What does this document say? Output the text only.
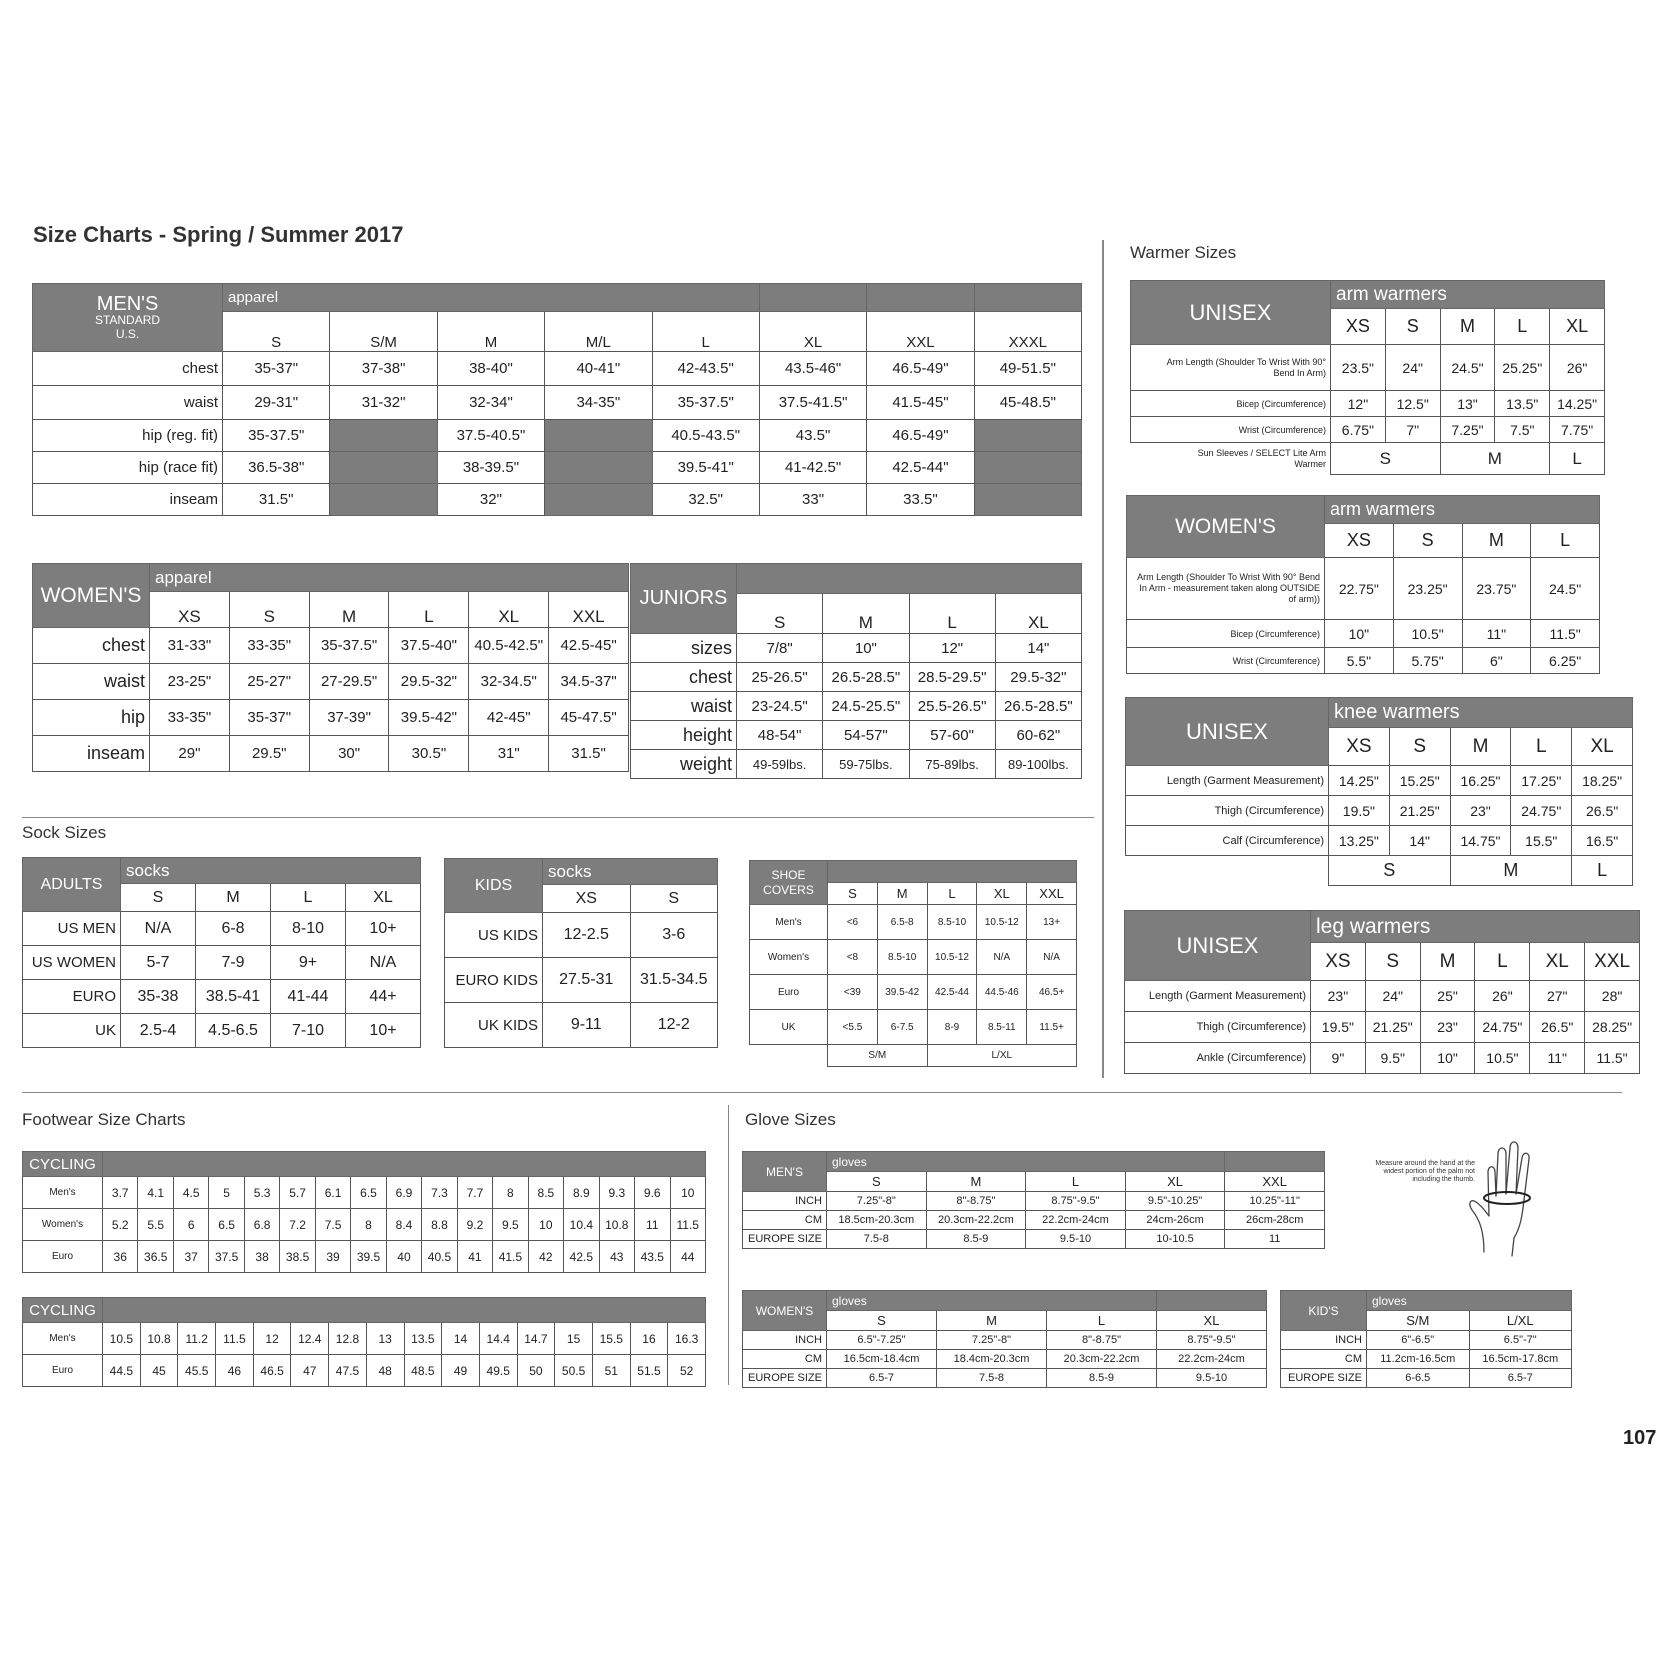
Size Charts - Spring / Summer 2017
Warmer Sizes
Sock Sizes
Footwear Size Charts	Glove Sizes
MEN'S
STANDARD U.S.	apparel							
	S	S/M	M	M/L	L	XL	XXL	XXXL
chest	35-37"	37-38"	38-40"	40-41"	42-43.5"	43.5-46"	46.5-49"	49-51.5"
waist	29-31"	31-32"	32-34"	34-35"	35-37.5"	37.5-41.5"	41.5-45"	45-48.5"
hip (reg. fit)	35-37.5"		37.5-40.5"		40.5-43.5"	43.5"	46.5-49"	
hip (race fit)	36.5-38"		38-39.5"		39.5-41"	41-42.5"	42.5-44"	
inseam	31.5"		32"		32.5"	33"	33.5"	
WOMEN'S	apparel					
	XS	S	M	L	XL	XXL
chest	31-33"	33-35"	35-37.5"	37.5-40"	40.5-42.5"	42.5-45"
waist	23-25"	25-27"	27-29.5"	29.5-32"	32-34.5"	34.5-37"
hip	33-35"	35-37"	37-39"	39.5-42"	42-45"	45-47.5"
inseam	29"	29.5"	30"	30.5"	31"	31.5"
JUNIORS				
	S	M	L	XL
sizes	7/8"	10"	12"	14"
chest	25-26.5"	26.5-28.5"	28.5-29.5"	29.5-32"
waist	23-24.5"	24.5-25.5"	25.5-26.5"	26.5-28.5"
height	48-54"	54-57"	57-60"	60-62"
weight	49-59lbs.	59-75lbs.	75-89lbs.	89-100lbs.
ADULTS	socks			
	S	M	L	XL
US MEN	N/A	6-8	8-10	10+
US WOMEN	5-7	7-9	9+	N/A
EURO	35-38	38.5-41	41-44	44+
UK	2.5-4	4.5-6.5	7-10	10+
KIDS	socks	
	XS	S
US KIDS	12-2.5	3-6
EURO KIDS	27.5-31	31.5-34.5
UK KIDS	9-11	12-2
SHOE COVERS					
	S	M	L	XL	XXL
Men's	<6	6.5-8	8.5-10	10.5-12	13+
Women's	<8	8.5-10	10.5-12	N/A	N/A
Euro	<39	39.5-42	42.5-44	44.5-46	46.5+
UK	<5.5	6-7.5	8-9	8.5-11	11.5+
	S/M		L/XL		
UNISEX	arm warmers				
	XS	S	M	L	XL
Arm Length (Shoulder To Wrist With 90° Bend In Arm)	23.5"	24"	24.5"	25.25"	26"
Bicep (Circumference)	12"	12.5"	13"	13.5"	14.25"
Wrist (Circumference)	6.75"	7"	7.25"	7.5"	7.75"
Sun Sleeves / SELECT Lite Arm Warmer	S		M		L
WOMEN'S	arm warmers			
	XS	S	M	L
Arm Length (Shoulder To Wrist With 90° Bend In Arm - measurement taken along OUTSIDE of arm))	22.75"	23.25"	23.75"	24.5"
Bicep (Circumference)	10"	10.5"	11"	11.5"
Wrist (Circumference)	5.5"	5.75"	6"	6.25"
UNISEX	knee warmers				
	XS	S	M	L	XL
Length (Garment Measurement)	14.25"	15.25"	16.25"	17.25"	18.25"
Thigh (Circumference)	19.5"	21.25"	23"	24.75"	26.5"
Calf (Circumference)	13.25"	14"	14.75"	15.5"	16.5"
	S		M		L
UNISEX	leg warmers					
	XS	S	M	L	XL	XXL
Length (Garment Measurement)	23"	24"	25"	26"	27"	28"
Thigh (Circumference)	19.5"	21.25"	23"	24.75"	26.5"	28.25"
Ankle (Circumference)	9"	9.5"	10"	10.5"	11"	11.5"
CYCLING																	
Men's	3.7	4.1	4.5	5	5.3	5.7	6.1	6.5	6.9	7.3	7.7	8	8.5	8.9	9.3	9.6	10
Women's	5.2	5.5	6	6.5	6.8	7.2	7.5	8	8.4	8.8	9.2	9.5	10	10.4	10.8	11	11.5
Euro	36	36.5	37	37.5	38	38.5	39	39.5	40	40.5	41	41.5	42	42.5	43	43.5	44
CYCLING																
Men's	10.5	10.8	11.2	11.5	12	12.4	12.8	13	13.5	14	14.4	14.7	15	15.5	16	16.3
Euro	44.5	45	45.5	46	46.5	47	47.5	48	48.5	49	49.5	50	50.5	51	51.5	52
MEN'S	gloves				
	S	M	L	XL	XXL
INCH	7.25"-8"	8"-8.75"	8.75"-9.5"	9.5"-10.25"	10.25"-11"
CM	18.5cm-20.3cm	20.3cm-22.2cm	22.2cm-24cm	24cm-26cm	26cm-28cm
EUROPE SIZE	7.5-8	8.5-9	9.5-10	10-10.5	11
Measure around the hand at the widest portion of the palm not including the thumb.
WOMEN'S	gloves			
	S	M	L	XL
INCH	6.5"-7.25"	7.25"-8"	8"-8.75"	8.75"-9.5"
CM	16.5cm-18.4cm	18.4cm-20.3cm	20.3cm-22.2cm	22.2cm-24cm
EUROPE SIZE	6.5-7	7.5-8	8.5-9	9.5-10
KID'S	gloves	
	S/M	L/XL
INCH	6"-6.5"	6.5"-7"
CM	11.2cm-16.5cm	16.5cm-17.8cm
EUROPE SIZE	6-6.5	6.5-7
107
